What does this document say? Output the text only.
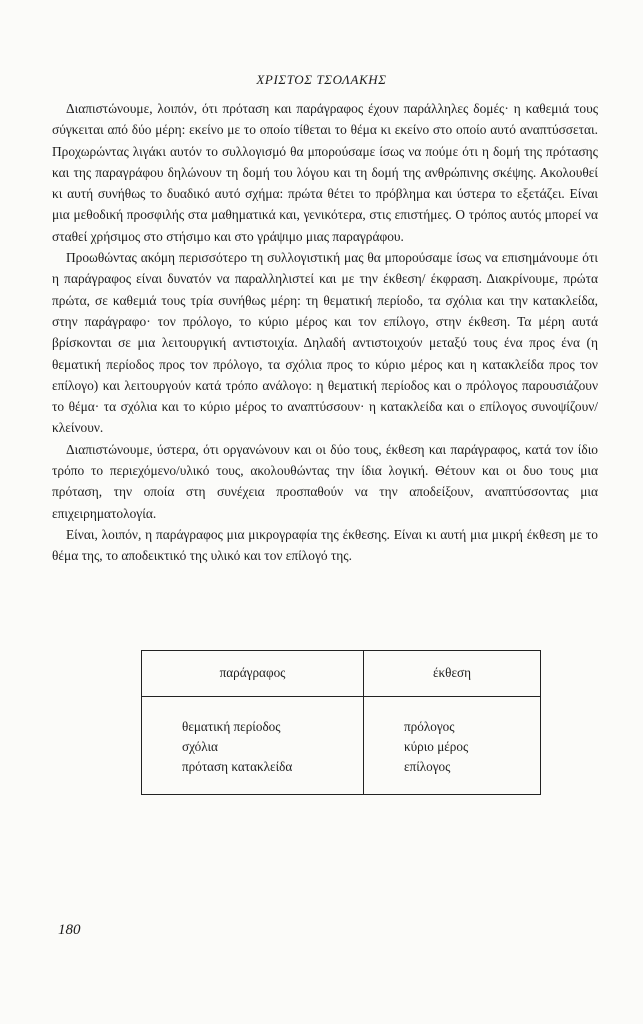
ΧΡΙΣΤΟΣ ΤΣΟΛΑΚΗΣ

Διαπιστώνουμε, λοιπόν, ότι πρόταση και παράγραφος έχουν παράλληλες δομές· η καθεμιά τους σύγκειται από δύο μέρη: εκείνο με το οποίο τίθεται το θέμα κι εκείνο στο οποίο αυτό αναπτύσσεται. Προχωρώντας λιγάκι αυτόν το συλλογισμό θα μπορούσαμε ίσως να πούμε ότι η δομή της πρότασης και της παραγράφου δηλώνουν τη δομή του λόγου και τη δομή της ανθρώπινης σκέψης. Ακολουθεί κι αυτή συνήθως το δυαδικό αυτό σχήμα: πρώτα θέτει το πρόβλημα και ύστερα το εξετάζει. Είναι μια μεθοδική προσφιλής στα μαθηματικά και, γενικότερα, στις επιστήμες. Ο τρόπος αυτός μπορεί να σταθεί χρήσιμος στο στήσιμο και στο γράψιμο μιας παραγράφου.

Προωθώντας ακόμη περισσότερο τη συλλογιστική μας θα μπορούσαμε ίσως να επισημάνουμε ότι η παράγραφος είναι δυνατόν να παραλληλιστεί και με την έκθεση/ έκφραση. Διακρίνουμε, πρώτα πρώτα, σε καθεμιά τους τρία συνήθως μέρη: τη θεματική περίοδο, τα σχόλια και την κατακλείδα, στην παράγραφο· τον πρόλογο, το κύριο μέρος και τον επίλογο, στην έκθεση. Τα μέρη αυτά βρίσκονται σε μια λειτουργική αντιστοιχία. Δηλαδή αντιστοιχούν μεταξύ τους ένα προς ένα (η θεματική περίοδος προς τον πρόλογο, τα σχόλια προς το κύριο μέρος και η κατακλείδα προς τον επίλογο) και λειτουργούν κατά τρόπο ανάλογο: η θεματική περίοδος και ο πρόλογος παρουσιάζουν το θέμα· τα σχόλια και το κύριο μέρος το αναπτύσσουν· η κατακλείδα και ο επίλογος συνοψίζουν/κλείνουν.

Διαπιστώνουμε, ύστερα, ότι οργανώνουν και οι δύο τους, έκθεση και παράγραφος, κατά τον ίδιο τρόπο το περιεχόμενο/υλικό τους, ακολουθώντας την ίδια λογική. Θέτουν και οι δυο τους μια πρόταση, την οποία στη συνέχεια προσπαθούν να την αποδείξουν, αναπτύσσοντας μια επιχειρηματολογία.

Είναι, λοιπόν, η παράγραφος μια μικρογραφία της έκθεσης. Είναι κι αυτή μια μικρή έκθεση με το θέμα της, το αποδεικτικό της υλικό και τον επίλογό της.

παράγραφος	έκθεση
θεματική περίοδος
σχόλια
πρόταση κατακλείδα
πρόλογος
κύριο μέρος
επίλογος
180
